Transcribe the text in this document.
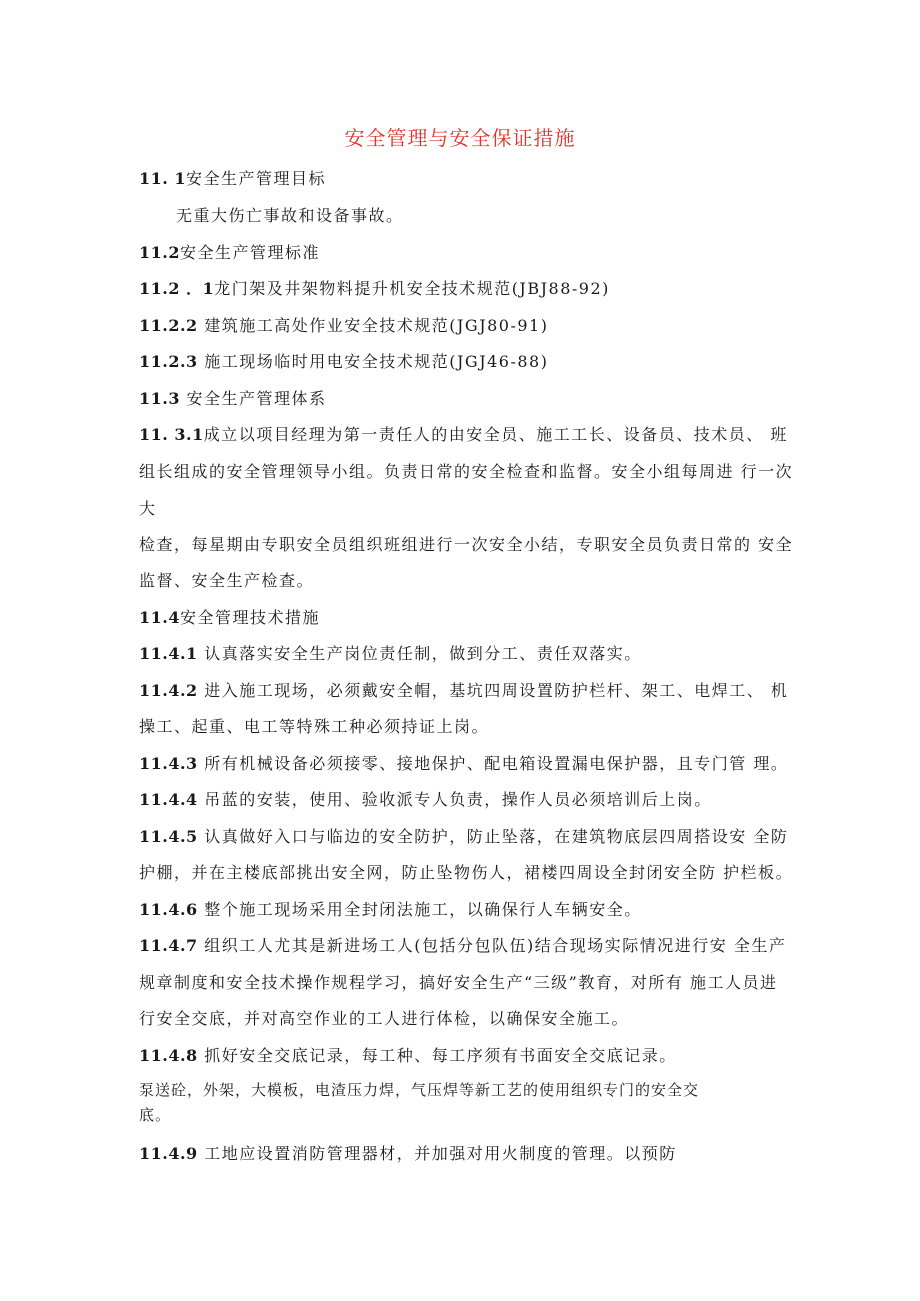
安全管理与安全保证措施
11. 1安全生产管理目标
无重大伤亡事故和设备事故。
11.2安全生产管理标准
11.2 ．1龙门架及井架物料提升机安全技术规范(JBJ88-92)
11.2.2 建筑施工高处作业安全技术规范(JGJ80-91)
11.2.3 施工现场临时用电安全技术规范(JGJ46-88)
11.3 安全生产管理体系
11. 3.1成立以项目经理为第一责任人的由安全员、施工工长、设备员、技术员、 班
组长组成的安全管理领导小组。负责日常的安全检查和监督。安全小组每周进 行一次
大
检查，每星期由专职安全员组织班组进行一次安全小结，专职安全员负责日常的 安全
监督、安全生产检查。
11.4安全管理技术措施
11.4.1 认真落实安全生产岗位责任制，做到分工、责任双落实。
11.4.2 进入施工现场，必须戴安全帽，基坑四周设置防护栏杆、架工、电焊工、 机
操工、起重、电工等特殊工种必须持证上岗。
11.4.3 所有机械设备必须接零、接地保护、配电箱设置漏电保护器，且专门管 理。
11.4.4 吊蓝的安装，使用、验收派专人负责，操作人员必须培训后上岗。
11.4.5 认真做好入口与临边的安全防护，防止坠落，在建筑物底层四周搭设安 全防
护棚，并在主楼底部挑出安全网，防止坠物伤人，裙楼四周设全封闭安全防 护栏板。
11.4.6 整个施工现场采用全封闭法施工，以确保行人车辆安全。
11.4.7 组织工人尤其是新进场工人(包括分包队伍)结合现场实际情况进行安 全生产
规章制度和安全技术操作规程学习，搞好安全生产“三级”教育，对所有 施工人员进
行安全交底，并对高空作业的工人进行体检，以确保安全施工。
11.4.8 抓好安全交底记录，每工种、每工序须有书面安全交底记录。
泵送砼，外架，大模板，电渣压力焊，气压焊等新工艺的使用组织专门的安全交
底。
11.4.9 工地应设置消防管理器材，并加强对用火制度的管理。以预防
